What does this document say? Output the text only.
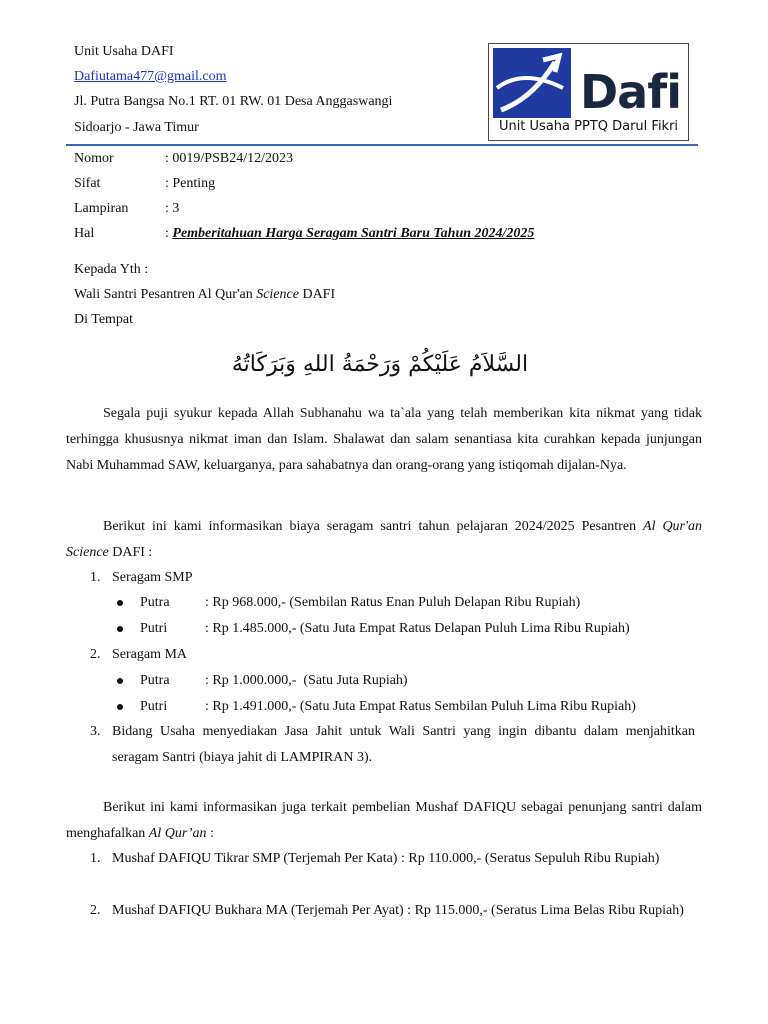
Unit Usaha DAFI
Dafiutama477@gmail.com
Jl. Putra Bangsa No.1 RT. 01 RW. 01 Desa Anggaswangi
Sidoarjo - Jawa Timur
Dafi
Unit Usaha PPTQ Darul Fikri
Nomor	: 0019/PSB24/12/2023
Sifat	: Penting
Lampiran	: 3
Hal	: Pemberitahuan Harga Seragam Santri Baru Tahun 2024/2025
Kepada Yth :
Wali Santri Pesantren Al Qur'an Science DAFI
Di Tempat
السَّلاَمُ عَلَيْكُمْ وَرَحْمَةُ اللهِ وَبَرَكَاتُهُ

Segala puji syukur kepada Allah Subhanahu wa ta`ala yang telah memberikan kita nikmat yang tidak terhingga khususnya nikmat iman dan Islam. Shalawat dan salam senantiasa kita curahkan kepada junjungan Nabi Muhammad SAW, keluarganya, para sahabatnya dan orang-orang yang istiqomah dijalan-Nya.

Berikut ini kami informasikan biaya seragam santri tahun pelajaran 2024/2025 Pesantren Al Qur'an Science DAFI :

1. Seragam SMP
Putra	: Rp 968.000,- (Sembilan Ratus Enan Puluh Delapan Ribu Rupiah)
Putri	: Rp 1.485.000,- (Satu Juta Empat Ratus Delapan Puluh Lima Ribu Rupiah)
2. Seragam MA
Putra	: Rp 1.000.000,-  (Satu Juta Rupiah)
Putri	: Rp 1.491.000,- (Satu Juta Empat Ratus Sembilan Puluh Lima Ribu Rupiah)
3. Bidang Usaha menyediakan Jasa Jahit untuk Wali Santri yang ingin dibantu dalam menjahitkan seragam Santri (biaya jahit di LAMPIRAN 3).

Berikut ini kami informasikan juga terkait pembelian Mushaf DAFIQU sebagai penunjang santri dalam menghafalkan Al Qur’an :

1. Mushaf DAFIQU Tikrar SMP (Terjemah Per Kata) : Rp 110.000,- (Seratus Sepuluh Ribu Rupiah)

2. Mushaf DAFIQU Bukhara MA (Terjemah Per Ayat) : Rp 115.000,- (Seratus Lima Belas Ribu Rupiah)
